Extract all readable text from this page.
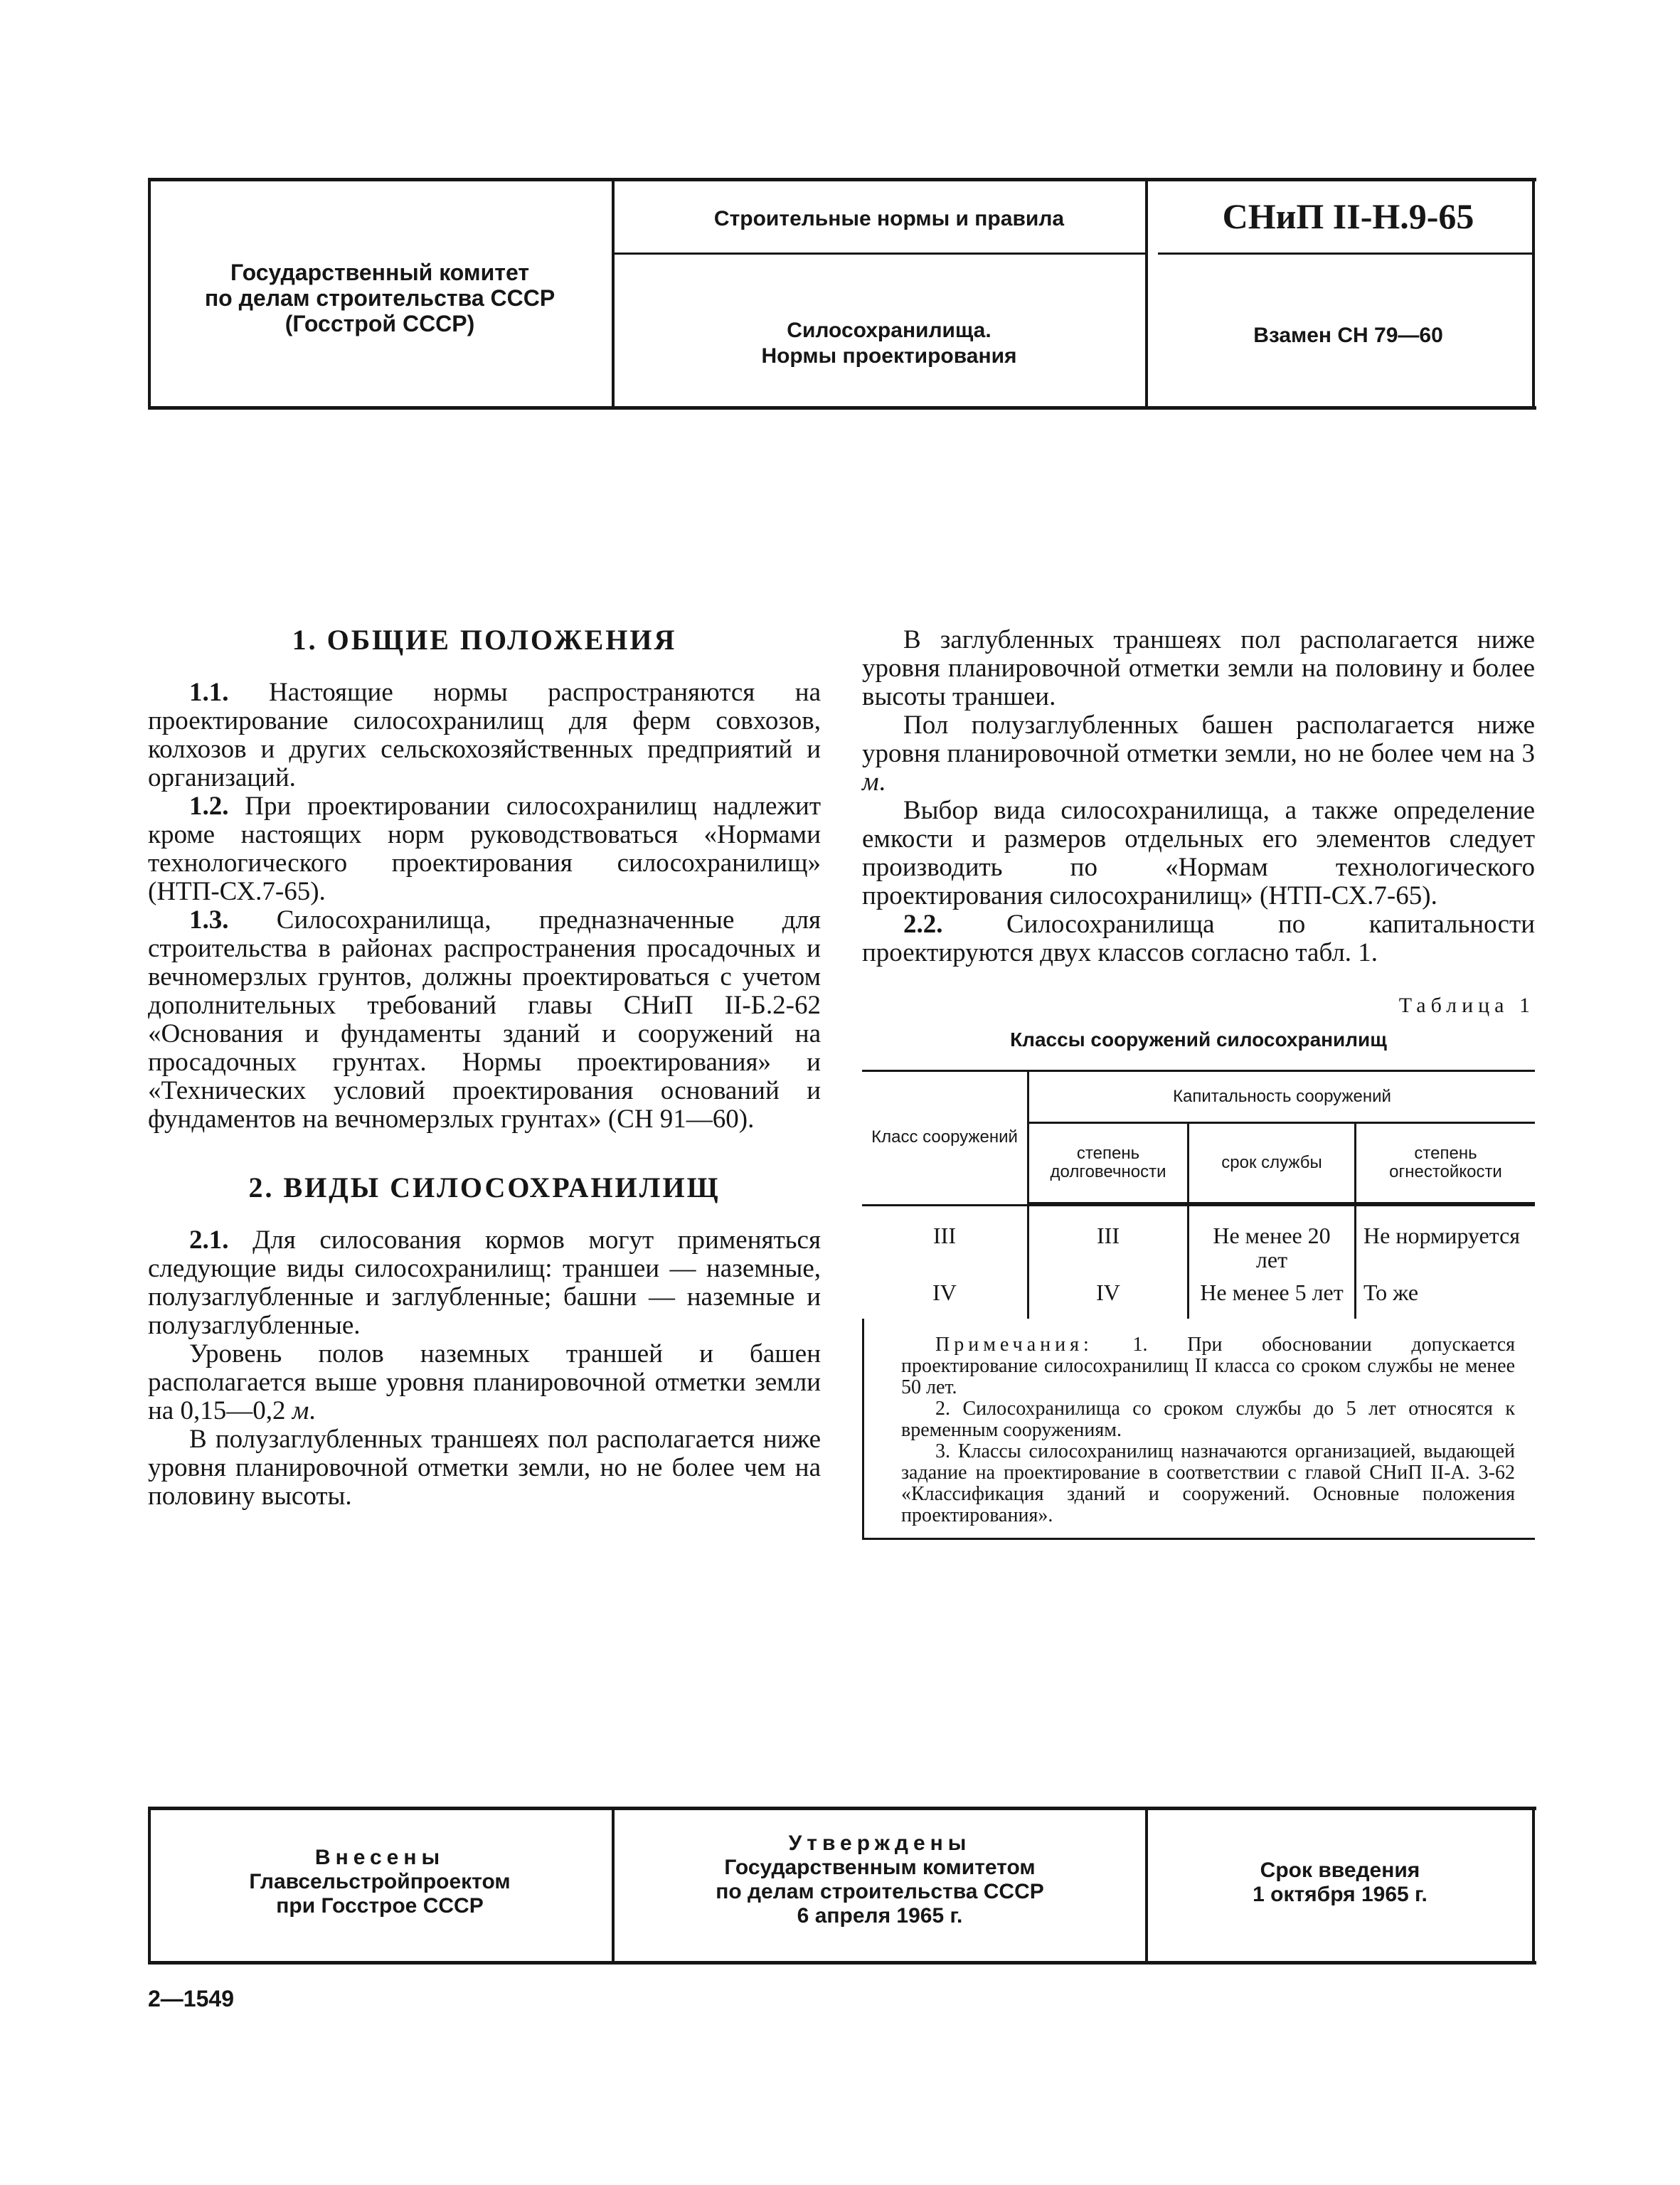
Государственный комитет
по делам строительства СССР
(Госстрой СССР)
Строительные нормы и правила	СНиП II-Н.9-65
Силосохранилища.
Нормы проектирования
Взамен СН 79—60
1. ОБЩИЕ ПОЛОЖЕНИЯ

1.1. Настоящие нормы распространяются на проектирование силосохранилищ для ферм совхозов, колхозов и других сельскохозяйственных предприятий и организаций.

1.2. При проектировании силосохранилищ надлежит кроме настоящих норм руководствоваться «Нормами технологического проектирования силосохранилищ» (НТП-СХ.7-65).

1.3. Силосохранилища, предназначенные для строительства в районах распространения просадочных и вечномерзлых грунтов, должны проектироваться с учетом дополнительных требований главы СНиП II-Б.2-62 «Основания и фундаменты зданий и сооружений на просадочных грунтах. Нормы проектирования» и «Технических условий проектирования оснований и фундаментов на вечномерзлых грунтах» (СН 91—60).

2. ВИДЫ СИЛОСОХРАНИЛИЩ

2.1. Для силосования кормов могут применяться следующие виды силосохранилищ: траншеи — наземные, полузаглубленные и заглубленные; башни — наземные и полузаглубленные.

Уровень полов наземных траншей и башен располагается выше уровня планировочной отметки земли на 0,15—0,2 м.

В полузаглубленных траншеях пол располагается ниже уровня планировочной отметки земли, но не более чем на половину высоты.

В заглубленных траншеях пол располагается ниже уровня планировочной отметки земли на половину и более высоты траншеи.

Пол полузаглубленных башен располагается ниже уровня планировочной отметки земли, но не более чем на 3 м.

Выбор вида силосохранилища, а также определение емкости и размеров отдельных его элементов следует производить по «Нормам технологического проектирования силосохранилищ» (НТП-СХ.7-65).

2.2. Силосохранилища по капитальности проектируются двух классов согласно табл. 1.

Таблица 1
Классы сооружений силосохранилищ
Класс сооружений	Капитальность сооружений		
	степень долговечности	срок службы	степень огнестойкости

III	III	Не менее 20 лет	Не нормируется
IV	IV	Не менее 5 лет	То же

Примечания: 1. При обосновании допускается проектирование силосохранилищ II класса со сроком службы не менее 50 лет.

2. Силосохранилища со сроком службы до 5 лет относятся к временным сооружениям.

3. Классы силосохранилищ назначаются организацией, выдающей задание на проектирование в соответствии с главой СНиП II-А. 3-62 «Классификация зданий и сооружений. Основные положения проектирования».

Внесены
Главсельстройпроектом
при Госстрое СССР
Утверждены
Государственным комитетом
по делам строительства СССР
6 апреля 1965 г.
Срок введения
1 октября 1965 г.
2—1549
